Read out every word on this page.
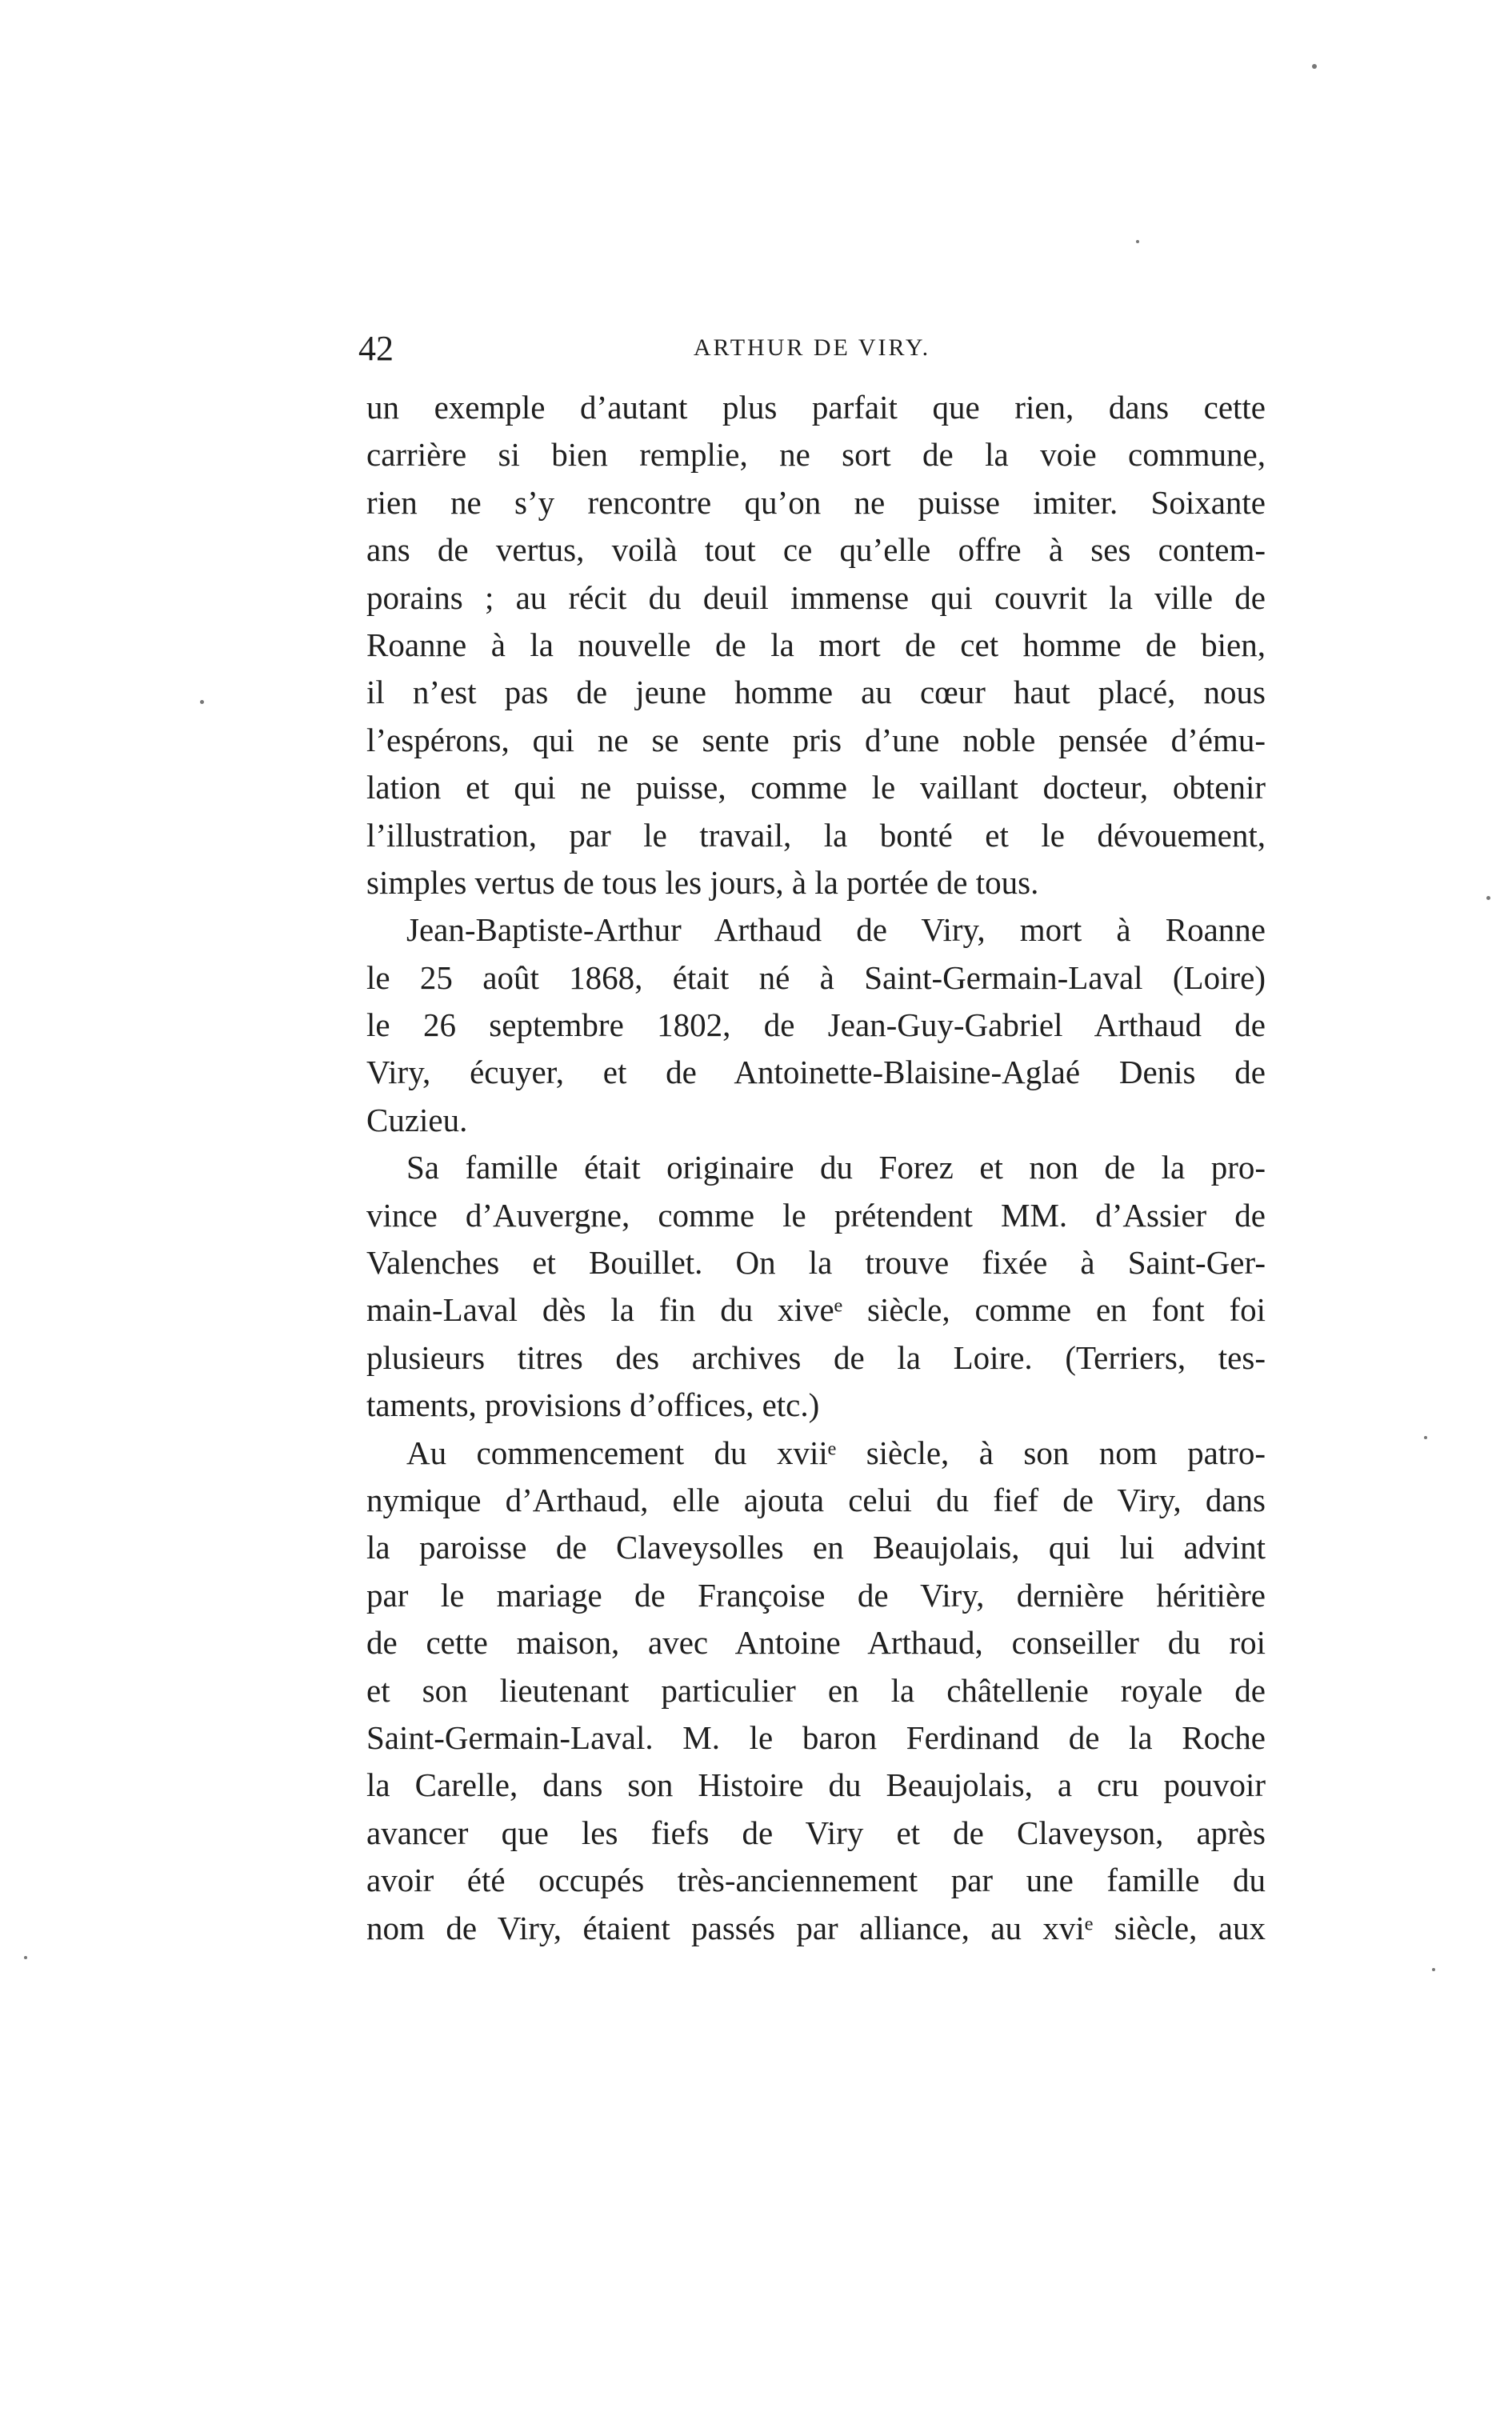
42	ARTHUR DE VIRY.
un exemple d’autant plus parfait que rien, dans cette
carrière si bien remplie, ne sort de la voie commune,
rien ne s’y rencontre qu’on ne puisse imiter. Soixante
ans de vertus, voilà tout ce qu’elle offre à ses contem-
porains ; au récit du deuil immense qui couvrit la ville de
Roanne à la nouvelle de la mort de cet homme de bien,
il n’est pas de jeune homme au cœur haut placé, nous
l’espérons, qui ne se sente pris d’une noble pensée d’ému-
lation et qui ne puisse, comme le vaillant docteur, obtenir
l’illustration, par le travail, la bonté et le dévouement,
simples vertus de tous les jours, à la portée de tous.
Jean-Baptiste-Arthur Arthaud de Viry, mort à Roanne
le 25 août 1868, était né à Saint-Germain-Laval (Loire)
le 26 septembre 1802, de Jean-Guy-Gabriel Arthaud de
Viry, écuyer, et de Antoinette-Blaisine-Aglaé Denis de
Cuzieu.
Sa famille était originaire du Forez et non de la pro-
vince d’Auvergne, comme le prétendent MM. d’Assier de
Valenches et Bouillet. On la trouve fixée à Saint-Ger-
main-Laval dès la fin du xiveᵉ siècle, comme en font foi
plusieurs titres des archives de la Loire. (Terriers, tes-
taments, provisions d’offices, etc.)
Au commencement du xviiᵉ siècle, à son nom patro-
nymique d’Arthaud, elle ajouta celui du fief de Viry, dans
la paroisse de Claveysolles en Beaujolais, qui lui advint
par le mariage de Françoise de Viry, dernière héritière
de cette maison, avec Antoine Arthaud, conseiller du roi
et son lieutenant particulier en la châtellenie royale de
Saint-Germain-Laval. M. le baron Ferdinand de la Roche
la Carelle, dans son Histoire du Beaujolais, a cru pouvoir
avancer que les fiefs de Viry et de Claveyson, après
avoir été occupés très-anciennement par une famille du
nom de Viry, étaient passés par alliance, au xviᵉ siècle, aux
